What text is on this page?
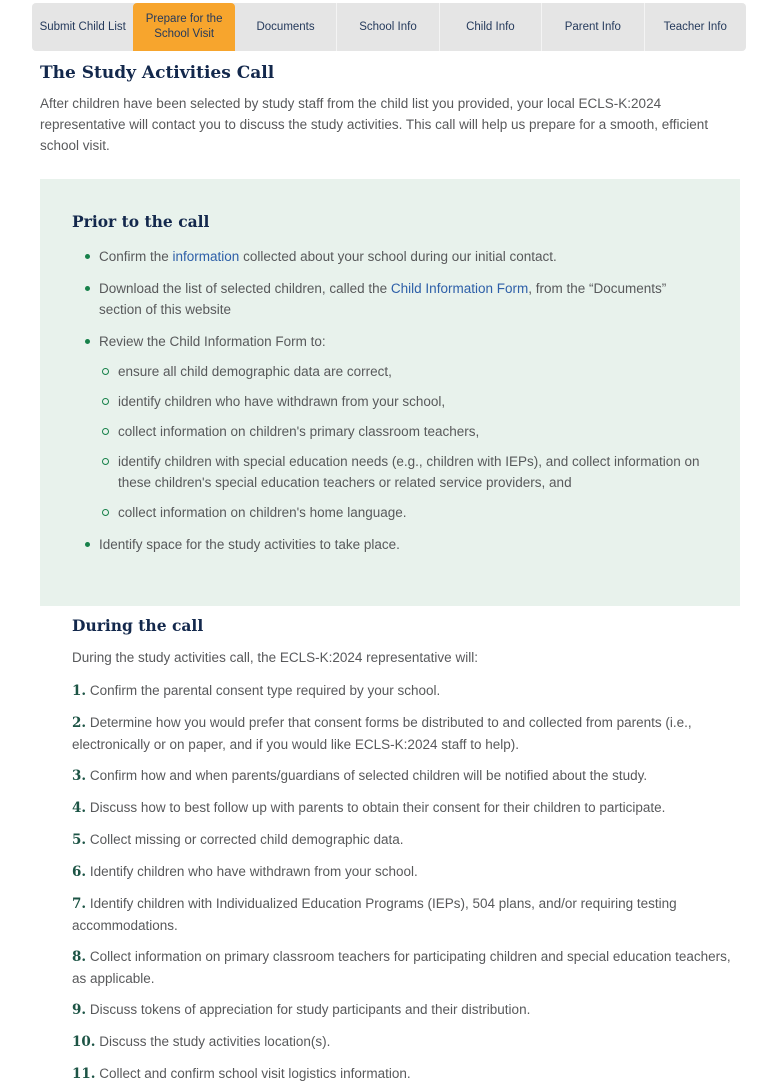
Submit Child List
Prepare for the School Visit
Documents	School Info	Child Info	Parent Info	Teacher Info
The Study Activities Call

After children have been selected by study staff from the child list you provided, your local ECLS-K:2024 representative will contact you to discuss the study activities. This call will help us prepare for a smooth, efficient school visit.

Prior to the call
Confirm the information collected about your school during our initial contact.
Download the list of selected children, called the Child Information Form, from the “Documents” section of this website
Review the Child Information Form to:
ensure all child demographic data are correct,
identify children who have withdrawn from your school,
collect information on children's primary classroom teachers,
identify children with special education needs (e.g., children with IEPs), and collect information on these children's special education teachers or related service providers, and
collect information on children's home language.
Identify space for the study activities to take place.
During the call

During the study activities call, the ECLS-K:2024 representative will:

1. Confirm the parental consent type required by your school.

2. Determine how you would prefer that consent forms be distributed to and collected from parents (i.e., electronically or on paper, and if you would like ECLS-K:2024 staff to help).

3. Confirm how and when parents/guardians of selected children will be notified about the study.

4. Discuss how to best follow up with parents to obtain their consent for their children to participate.

5. Collect missing or corrected child demographic data.

6. Identify children who have withdrawn from your school.

7. Identify children with Individualized Education Programs (IEPs), 504 plans, and/or requiring testing accommodations.

8. Collect information on primary classroom teachers for participating children and special education teachers, as applicable.

9. Discuss tokens of appreciation for study participants and their distribution.

10. Discuss the study activities location(s).

11. Collect and confirm school visit logistics information.
